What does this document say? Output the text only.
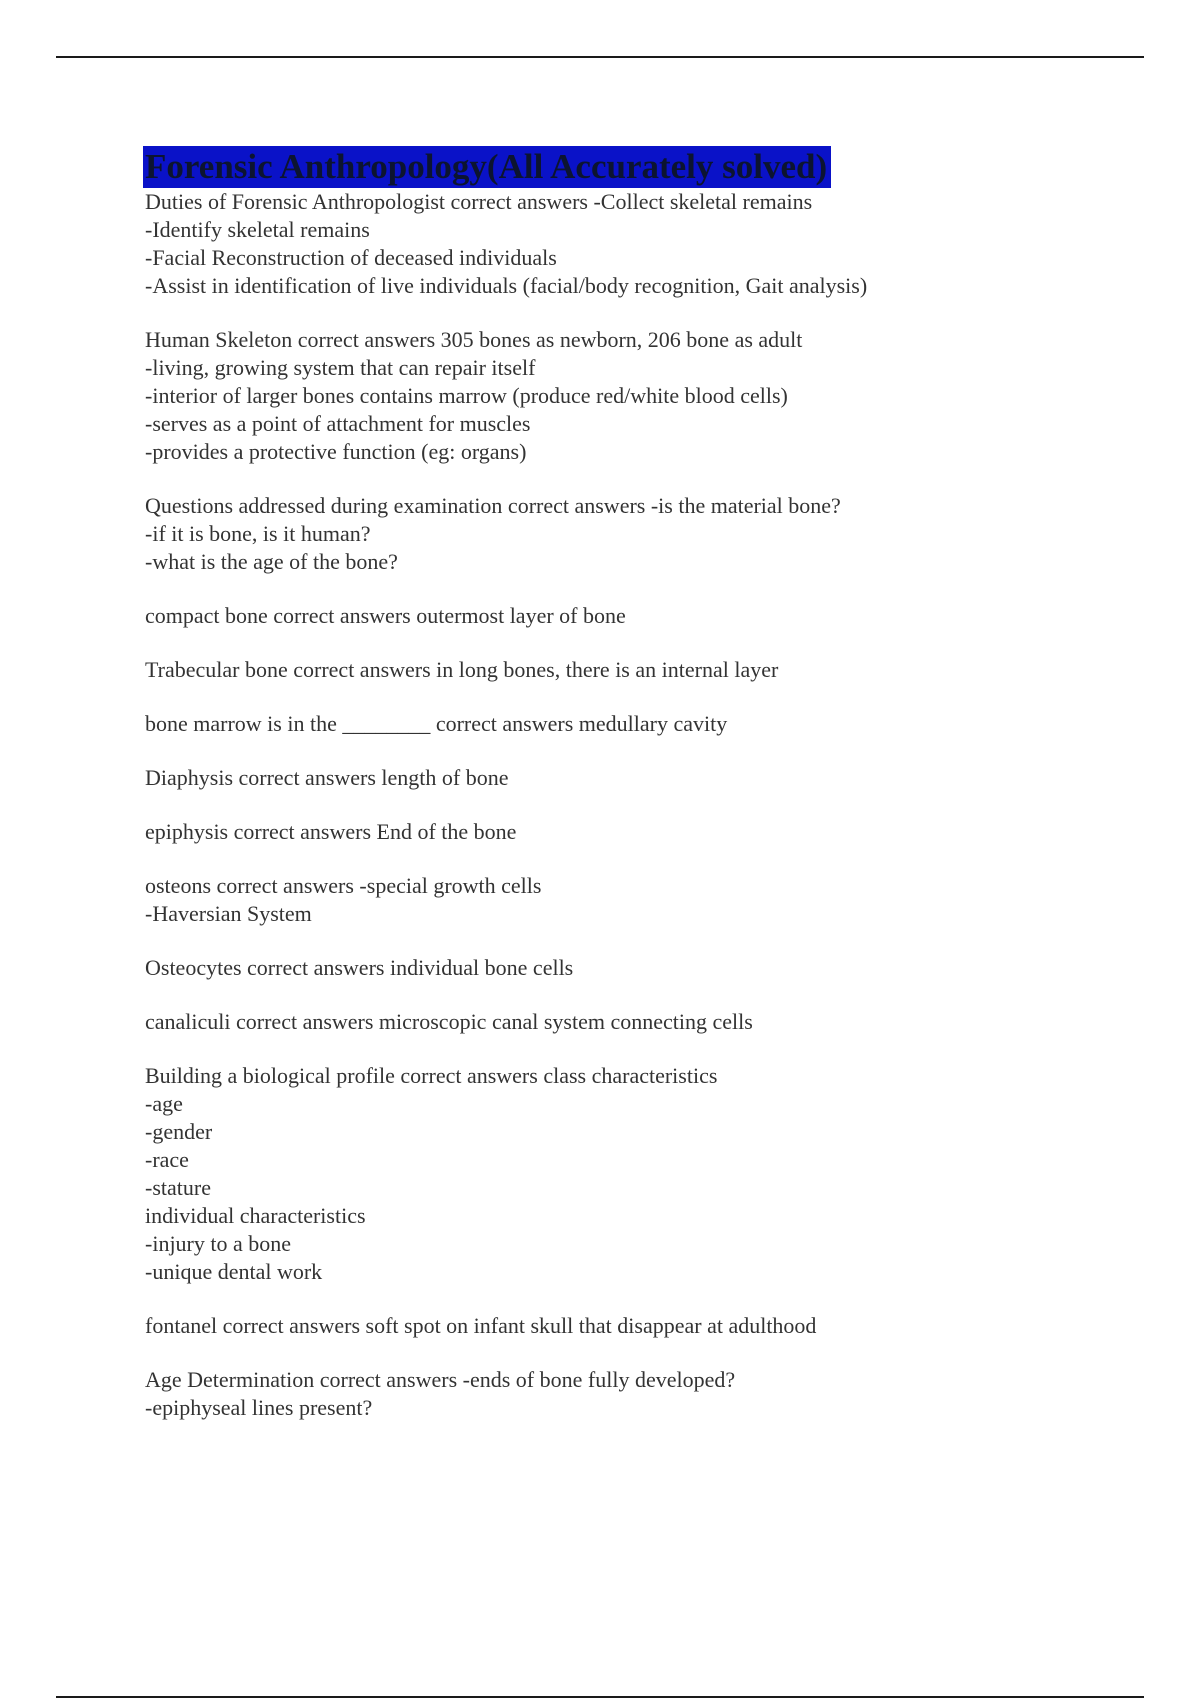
Forensic Anthropology(All Accurately solved)
Duties of Forensic Anthropologist correct answers -Collect skeletal remains
-Identify skeletal remains
-Facial Reconstruction of deceased individuals
-Assist in identification of live individuals (facial/body recognition, Gait analysis)
Human Skeleton correct answers 305 bones as newborn, 206 bone as adult
-living, growing system that can repair itself
-interior of larger bones contains marrow (produce red/white blood cells)
-serves as a point of attachment for muscles
-provides a protective function (eg: organs)
Questions addressed during examination correct answers -is the material bone?
-if it is bone, is it human?
-what is the age of the bone?
compact bone correct answers outermost layer of bone
Trabecular bone correct answers in long bones, there is an internal layer
bone marrow is in the ________ correct answers medullary cavity
Diaphysis correct answers length of bone
epiphysis correct answers End of the bone
osteons correct answers -special growth cells
-Haversian System
Osteocytes correct answers individual bone cells
canaliculi correct answers microscopic canal system connecting cells
Building a biological profile correct answers class characteristics
-age
-gender
-race
-stature
individual characteristics
-injury to a bone
-unique dental work
fontanel correct answers soft spot on infant skull that disappear at adulthood
Age Determination correct answers -ends of bone fully developed?
-epiphyseal lines present?
